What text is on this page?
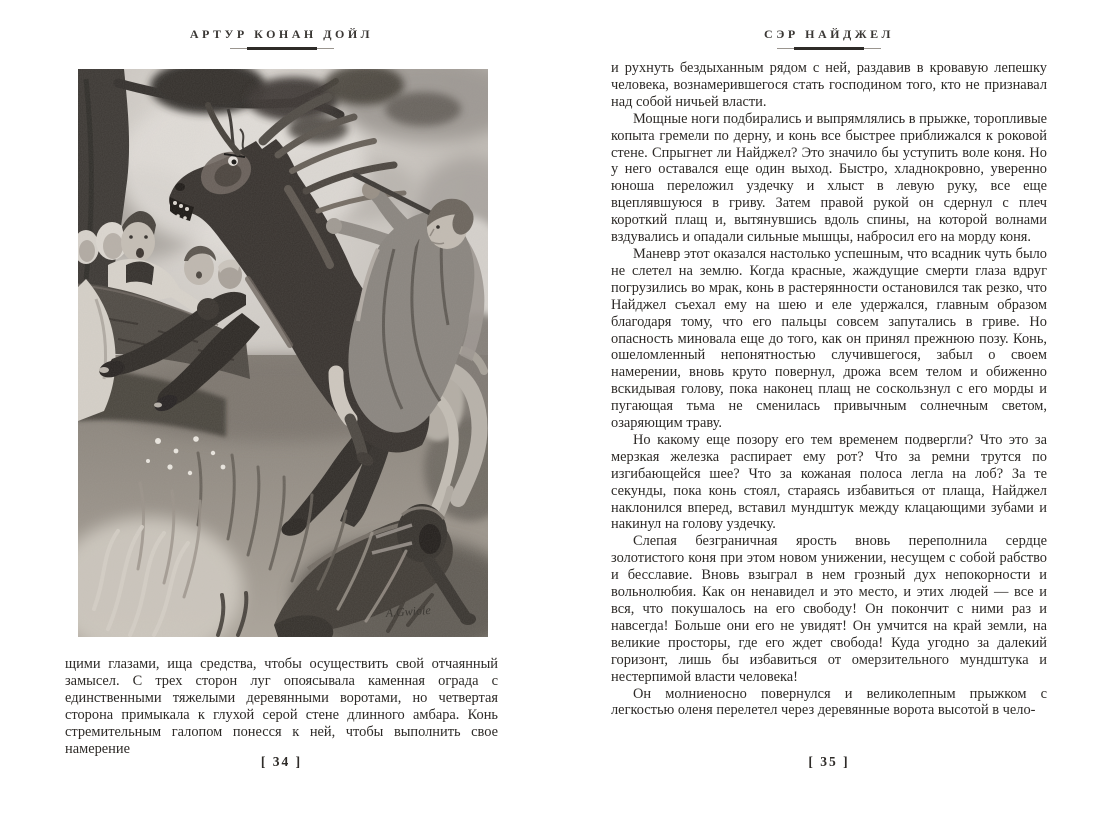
АРТУР КОНАН ДОЙЛ

щими глазами, ища средства, чтобы осуществить свой отчаянный замысел. С трех сторон луг опоясывала каменная ограда с единственными тяжелыми деревянными воротами, но четвертая сторона примыкала к глухой серой стене длинного амбара. Конь стремительным галопом понесся к ней, чтобы выполнить свое намерение

[ 34 ]
СЭР НАЙДЖЕЛ

и рухнуть бездыханным рядом с ней, раздавив в кровавую лепешку человека, вознамерившегося стать господином того, кто не признавал над собой ничьей власти.

Мощные ноги подбирались и выпрямлялись в прыжке, торопливые копыта гремели по дерну, и конь все быстрее приближался к роковой стене. Спрыгнет ли Найджел? Это значило бы уступить воле коня. Но у него оставался еще один выход. Быстро, хладнокровно, уверенно юноша переложил уздечку и хлыст в левую руку, все еще вцеплявшуюся в гриву. Затем правой рукой он сдернул с плеч короткий плащ и, вытянувшись вдоль спины, на которой волнами вздувались и опадали сильные мышцы, набросил его на морду коня.

Маневр этот оказался настолько успешным, что всадник чуть было не слетел на землю. Когда красные, жаждущие смерти глаза вдруг погрузились во мрак, конь в растерянности остановился так резко, что Найджел съехал ему на шею и еле удержался, главным образом благодаря тому, что его пальцы совсем запутались в гриве. Но опасность миновала еще до того, как он принял прежнюю позу. Конь, ошеломленный непонятностью случившегося, забыл о своем намерении, вновь круто повернул, дрожа всем телом и обиженно вскидывая голову, пока наконец плащ не соскользнул с его морды и пугающая тьма не сменилась привычным солнечным светом, озаряющим траву.

Но какому еще позору его тем временем подвергли? Что это за мерзкая железка распирает ему рот? Что за ремни трутся по изгибающейся шее? Что за кожаная полоса легла на лоб? За те секунды, пока конь стоял, стараясь избавиться от плаща, Найджел наклонился вперед, вставил мундштук между клацающими зубами и накинул на голову уздечку.

Слепая безграничная ярость вновь переполнила сердце золотистого коня при этом новом унижении, несущем с собой рабство и бесславие. Вновь взыграл в нем грозный дух непокорности и вольнолюбия. Как он ненавидел и это место, и этих людей — все и вся, что покушалось на его свободу! Он покончит с ними раз и навсегда! Больше они его не увидят! Он умчится на край земли, на великие просторы, где его ждет свобода! Куда угодно за далекий горизонт, лишь бы избавиться от омерзительного мундштука и нестерпимой власти человека!

Он молниеносно повернулся и великолепным прыжком с легкостью оленя перелетел через деревянные ворота высотой в чело-

[ 35 ]
